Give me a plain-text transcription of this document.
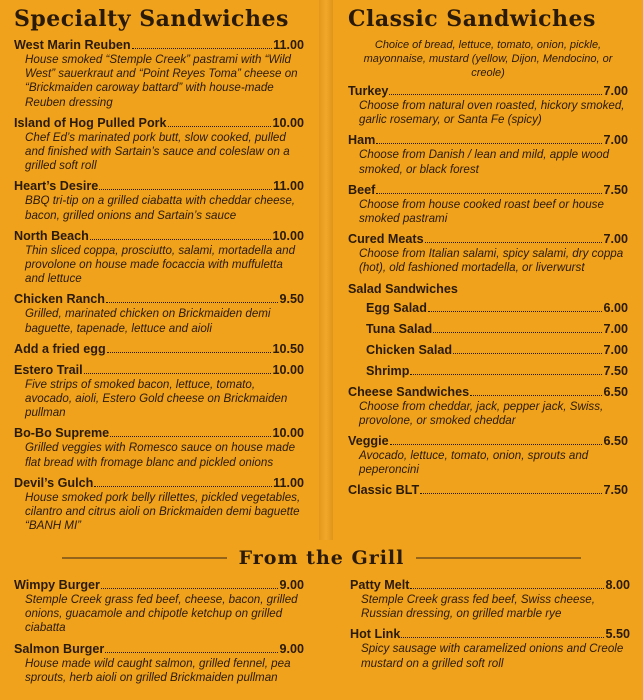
Specialty Sandwiches
West Marin Reuben	11.00
House smoked “Stemple Creek” pastrami with “Wild West” sauerkraut and “Point Reyes Toma” cheese on “Brickmaiden caroway battard” with house-made Reuben dressing
Island of Hog Pulled Pork	10.00
Chef Ed’s marinated pork butt, slow cooked, pulled and finished with Sartain’s sauce and coleslaw on a grilled soft roll
Heart’s Desire	11.00
BBQ tri-tip on a grilled ciabatta with cheddar cheese, bacon, grilled onions and Sartain’s sauce
North Beach	10.00
Thin sliced coppa, prosciutto, salami, mortadella and provolone on house made focaccia with muffuletta and lettuce
Chicken Ranch	9.50
Grilled, marinated chicken on Brickmaiden demi baguette, tapenade, lettuce and aioli
Add a fried egg	10.50
Estero Trail	10.00
Five strips of smoked bacon, lettuce, tomato, avocado, aioli, Estero Gold cheese on Brickmaiden pullman
Bo-Bo Supreme	10.00
Grilled veggies with Romesco sauce on house made flat bread with fromage blanc and pickled onions
Devil’s Gulch	11.00
House smoked pork belly rillettes, pickled vegetables, cilantro and citrus aioli on Brickmaiden demi baguette “BANH MI”
Classic Sandwiches
Choice of bread, lettuce, tomato, onion, pickle, mayonnaise, mustard (yellow, Dijon, Mendocino, or creole)
Turkey	7.00
Choose from natural oven roasted, hickory smoked, garlic rosemary, or Santa Fe (spicy)
Ham	7.00
Choose from Danish / lean and mild, apple wood smoked, or black forest
Beef	7.50
Choose from house cooked roast beef or house smoked pastrami
Cured Meats	7.00
Choose from Italian salami, spicy salami, dry coppa (hot), old fashioned mortadella, or liverwurst
Salad Sandwiches
Egg Salad	6.00
Tuna Salad	7.00
Chicken Salad	7.00
Shrimp	7.50
Cheese Sandwiches	6.50
Choose from cheddar, jack, pepper jack, Swiss, provolone, or smoked cheddar
Veggie	6.50
Avocado, lettuce, tomato, onion, sprouts and peperoncini
Classic BLT	7.50
From the Grill
Wimpy Burger	9.00
Stemple Creek grass fed beef, cheese, bacon, grilled onions, guacamole and chipotle ketchup on grilled ciabatta
Salmon Burger	9.00
House made wild caught salmon, grilled fennel, pea sprouts, herb aioli on grilled Brickmaiden pullman
Patty Melt	8.00
Stemple Creek grass fed beef, Swiss cheese, Russian dressing, on grilled marble rye
Hot Link	5.50
Spicy sausage with caramelized onions and Creole mustard on a grilled soft roll
